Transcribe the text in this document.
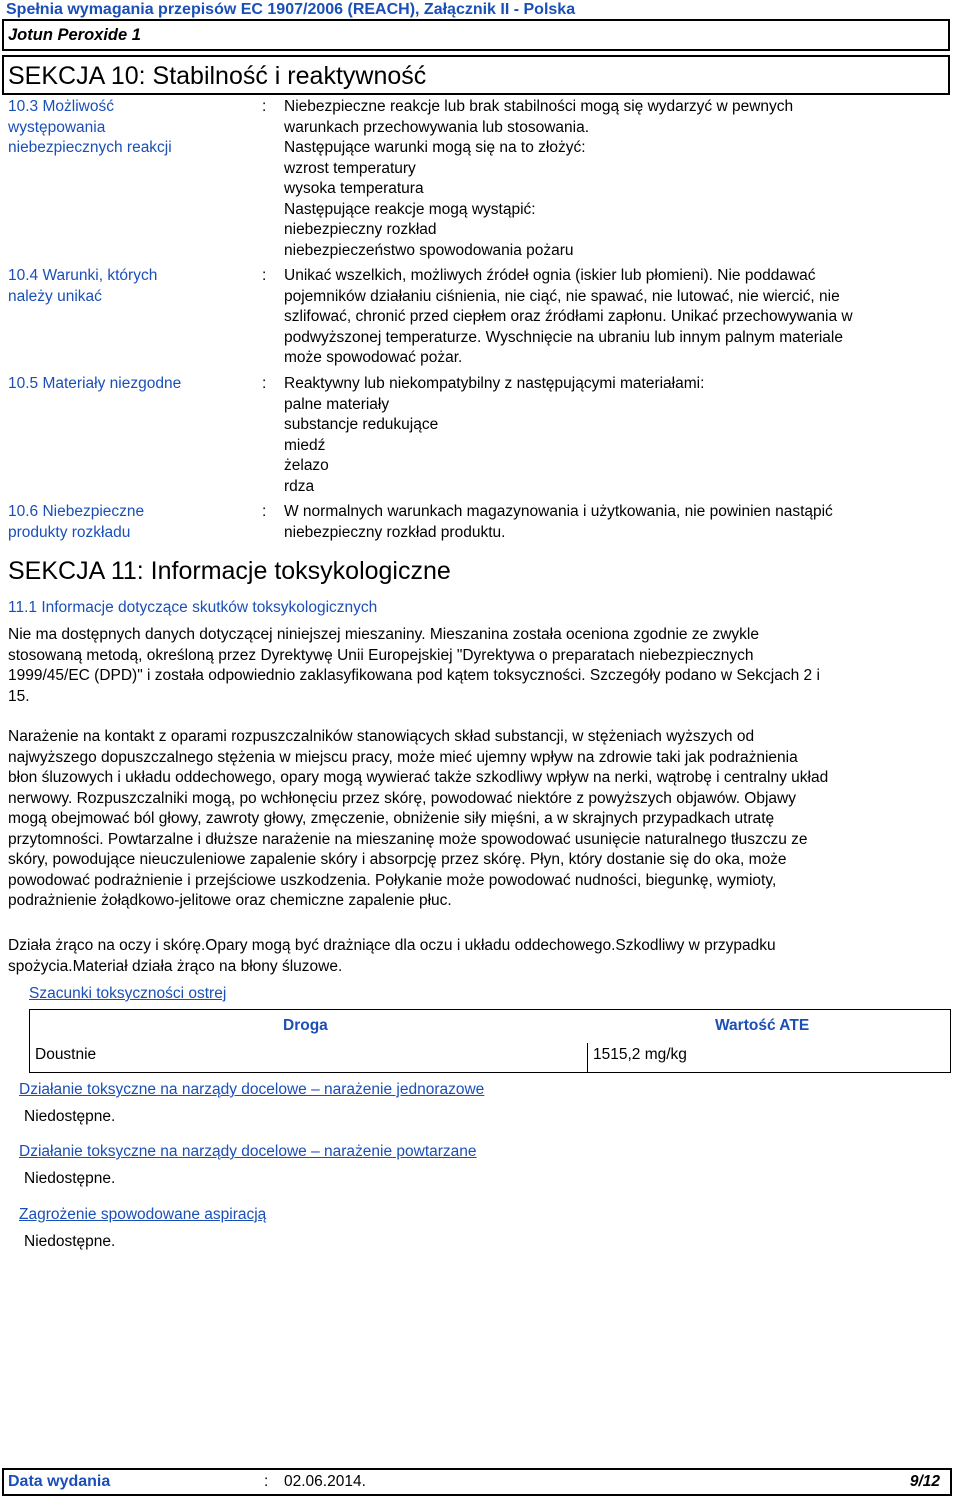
Spełnia wymagania przepisów EC 1907/2006 (REACH), Załącznik II - Polska
Jotun Peroxide 1
SEKCJA 10: Stabilność i reaktywność
10.3 Możliwość
występowania
niebezpiecznych reakcji
: Niebezpieczne reakcje lub brak stabilności mogą się wydarzyć w pewnych
warunkach przechowywania lub stosowania.
Następujące warunki mogą się na to złożyć:
wzrost temperatury
wysoka temperatura
Następujące reakcje mogą wystąpić:
niebezpieczny rozkład
niebezpieczeństwo spowodowania pożaru
10.4 Warunki, których
należy unikać
: Unikać wszelkich, możliwych źródeł ognia (iskier lub płomieni). Nie poddawać
pojemników działaniu ciśnienia, nie ciąć, nie spawać, nie lutować, nie wiercić, nie
szlifować, chronić przed ciepłem oraz źródłami zapłonu. Unikać przechowywania w
podwyższonej temperaturze. Wyschnięcie na ubraniu lub innym palnym materiale
może spowodować pożar.
10.5 Materiały niezgodne	: Reaktywny lub niekompatybilny z następującymi materiałami:
palne materiały
substancje redukujące
miedź
żelazo
rdza
10.6 Niebezpieczne
produkty rozkładu
: W normalnych warunkach magazynowania i użytkowania, nie powinien nastąpić
niebezpieczny rozkład produktu.
SEKCJA 11: Informacje toksykologiczne
11.1 Informacje dotyczące skutków toksykologicznych
Nie ma dostępnych danych dotyczącej niniejszej mieszaniny. Mieszanina została oceniona zgodnie ze zwykle
stosowaną metodą, określoną przez Dyrektywę Unii Europejskiej "Dyrektywa o preparatach niebezpiecznych
1999/45/EC (DPD)" i została odpowiednio zaklasyfikowana pod kątem toksyczności. Szczegóły podano w Sekcjach 2 i
15.
Narażenie na kontakt z oparami rozpuszczalników stanowiących skład substancji, w stężeniach wyższych od
najwyższego dopuszczalnego stężenia w miejscu pracy, może mieć ujemny wpływ na zdrowie taki jak podrażnienia
błon śluzowych i układu oddechowego, opary mogą wywierać także szkodliwy wpływ na nerki, wątrobę i centralny układ
nerwowy. Rozpuszczalniki mogą, po wchłonęciu przez skórę, powodować niektóre z powyższych objawów. Objawy
mogą obejmować ból głowy, zawroty głowy, zmęczenie, obniżenie siły mięśni, a w skrajnych przypadkach utratę
przytomności. Powtarzalne i dłuższe narażenie na mieszaninę może spowodować usunięcie naturalnego tłuszczu ze
skóry, powodujące nieuczuleniowe zapalenie skóry i absorpcję przez skórę. Płyn, który dostanie się do oka, może
powodować podrażnienie i przejściowe uszkodzenia. Połykanie może powodować nudności, biegunkę, wymioty,
podrażnienie żołądkowo-jelitowe oraz chemiczne zapalenie płuc.
Działa żrąco na oczy i skórę.Opary mogą być drażniące dla oczu i układu oddechowego.Szkodliwy w przypadku
spożycia.Materiał działa żrąco na błony śluzowe.
Szacunki toksyczności ostrej
Droga	Wartość ATE
Doustnie	1515,2 mg/kg
Działanie toksyczne na narządy docelowe – narażenie jednorazowe
Niedostępne.
Działanie toksyczne na narządy docelowe – narażenie powtarzane
Niedostępne.
Zagrożenie spowodowane aspiracją
Niedostępne.
Data wydania	: 02.06.2014.	9/12
